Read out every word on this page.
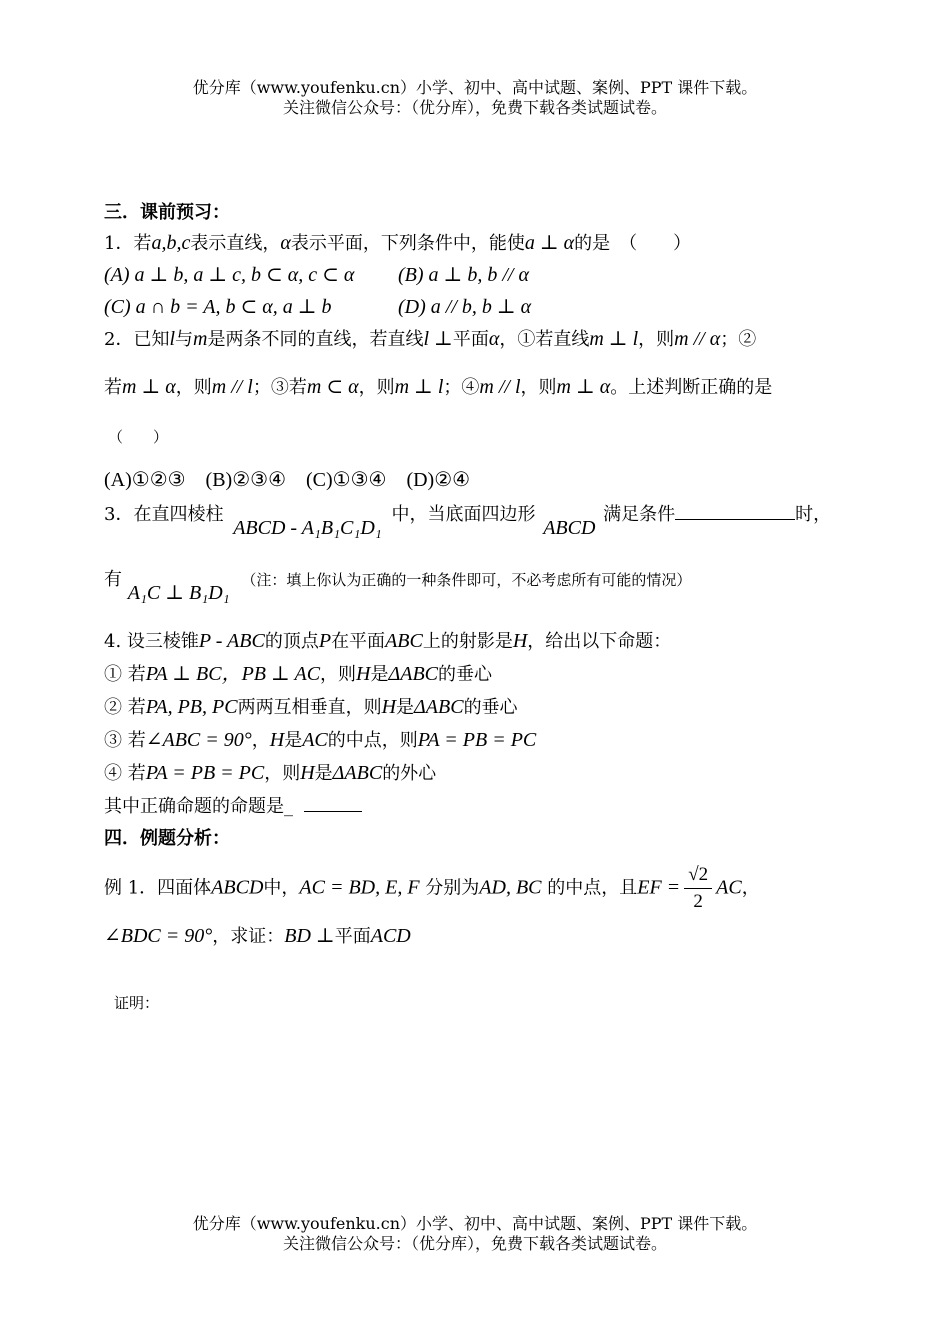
优分库（www.youfenku.cn）小学、初中、高中试题、案例、PPT 课件下载。
关注微信公众号：（优分库），免费下载各类试题试卷。
三．课前预习：
1．若a,b,c表示直线，α表示平面，下列条件中，能使a ⊥ α的是　（　　）
(A) a ⊥ b, a ⊥ c, b ⊂ α, c ⊂ α (B) a ⊥ b, b // α
(C) a ∩ b = A, b ⊂ α, a ⊥ b	(D) a // b, b ⊥ α
2．已知l与m是两条不同的直线，若直线l ⊥平面α，①若直线m ⊥ l，则m // α；②
若m ⊥ α，则m // l；③若m ⊂ α，则m ⊥ l；④m // l，则m ⊥ α。上述判断正确的是
（　　）
(A)①②③　(B)②③④　(C)①③④　(D)②④
3．在直四棱柱 ABCD - A₁B₁C₁D₁ 中，当底面四边形 ABCD 满足条件	时，
有 A₁C ⊥ B₁D₁ （注：填上你认为正确的一种条件即可，不必考虑所有可能的情况）
4. 设三棱锥P - ABC的顶点P在平面ABC上的射影是H，给出以下命题：
① 若PA ⊥ BC，PB ⊥ AC，则H是ΔABC的垂心
② 若PA, PB, PC两两互相垂直，则H是ΔABC的垂心
③ 若∠ABC = 90°，H是AC的中点，则PA = PB = PC
④ 若PA = PB = PC，则H是ΔABC的外心
其中正确命题的命题是_
四．例题分析：
例 1．四面体ABCD中，AC = BD, E, F 分别为AD, BC 的中点，且EF = $\frac{√2}{2}$ AC，
∠BDC = 90°，求证：BD ⊥平面ACD
证明：
优分库（www.youfenku.cn）小学、初中、高中试题、案例、PPT 课件下载。
关注微信公众号：（优分库），免费下载各类试题试卷。
